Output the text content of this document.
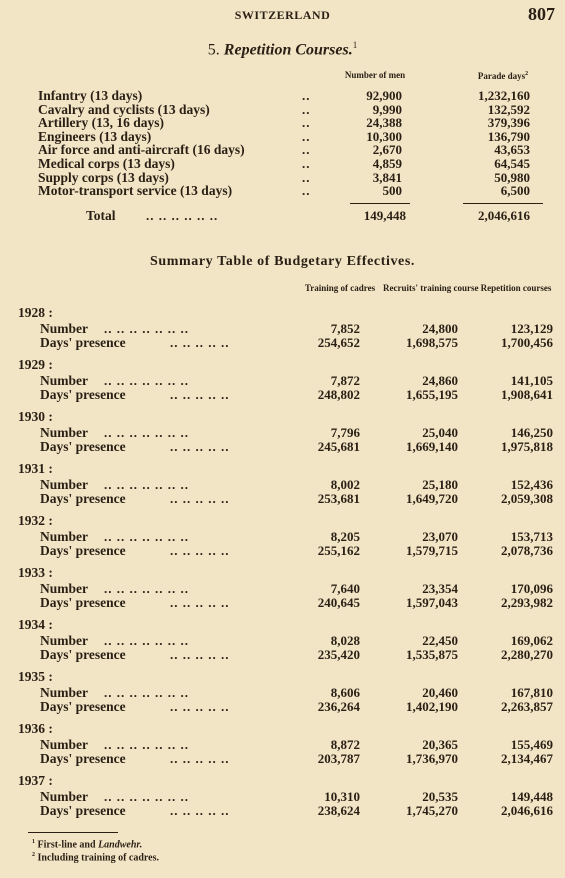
SWITZERLAND	807
5. Repetition Courses.$^1$
Number of men	Parade days$^2$
Infantry (13 days)	..	92,900	1,232,160
Cavalry and cyclists (13 days)	..	9,990	132,592
Artillery (13, 16 days)	..	24,388	379,396
Engineers (13 days)	..	10,300	136,790
Air force and anti-aircraft (16 days)	..	2,670	43,653
Medical corps (13 days)	..	4,859	64,545
Supply corps (13 days)	..	3,841	50,980
Motor-transport service (13 days)	..	500	6,500
Total .. .. .. .. .. ..	149,448	2,046,616
Summary Table of Budgetary Effectives.
Training of cadres Recruits' training course Repetition courses
1928 :
Number .. .. .. .. .. .. ..	7,852	24,800	123,129
Days' presence	.. .. .. .. ..	254,652	1,698,575	1,700,456
1929 :
Number .. .. .. .. .. .. ..	7,872	24,860	141,105
Days' presence	.. .. .. .. ..	248,802	1,655,195	1,908,641
1930 :
Number .. .. .. .. .. .. ..	7,796	25,040	146,250
Days' presence	.. .. .. .. ..	245,681	1,669,140	1,975,818
1931 :
Number .. .. .. .. .. .. ..	8,002	25,180	152,436
Days' presence	.. .. .. .. ..	253,681	1,649,720	2,059,308
1932 :
Number .. .. .. .. .. .. ..	8,205	23,070	153,713
Days' presence	.. .. .. .. ..	255,162	1,579,715	2,078,736
1933 :
Number .. .. .. .. .. .. ..	7,640	23,354	170,096
Days' presence	.. .. .. .. ..	240,645	1,597,043	2,293,982
1934 :
Number .. .. .. .. .. .. ..	8,028	22,450	169,062
Days' presence	.. .. .. .. ..	235,420	1,535,875	2,280,270
1935 :
Number .. .. .. .. .. .. ..	8,606	20,460	167,810
Days' presence	.. .. .. .. ..	236,264	1,402,190	2,263,857
1936 :
Number .. .. .. .. .. .. ..	8,872	20,365	155,469
Days' presence	.. .. .. .. ..	203,787	1,736,970	2,134,467
1937 :
Number .. .. .. .. .. .. ..	10,310	20,535	149,448
Days' presence	.. .. .. .. ..	238,624	1,745,270	2,046,616
$^1$ First-line and Landwehr.
$^2$ Including training of cadres.
